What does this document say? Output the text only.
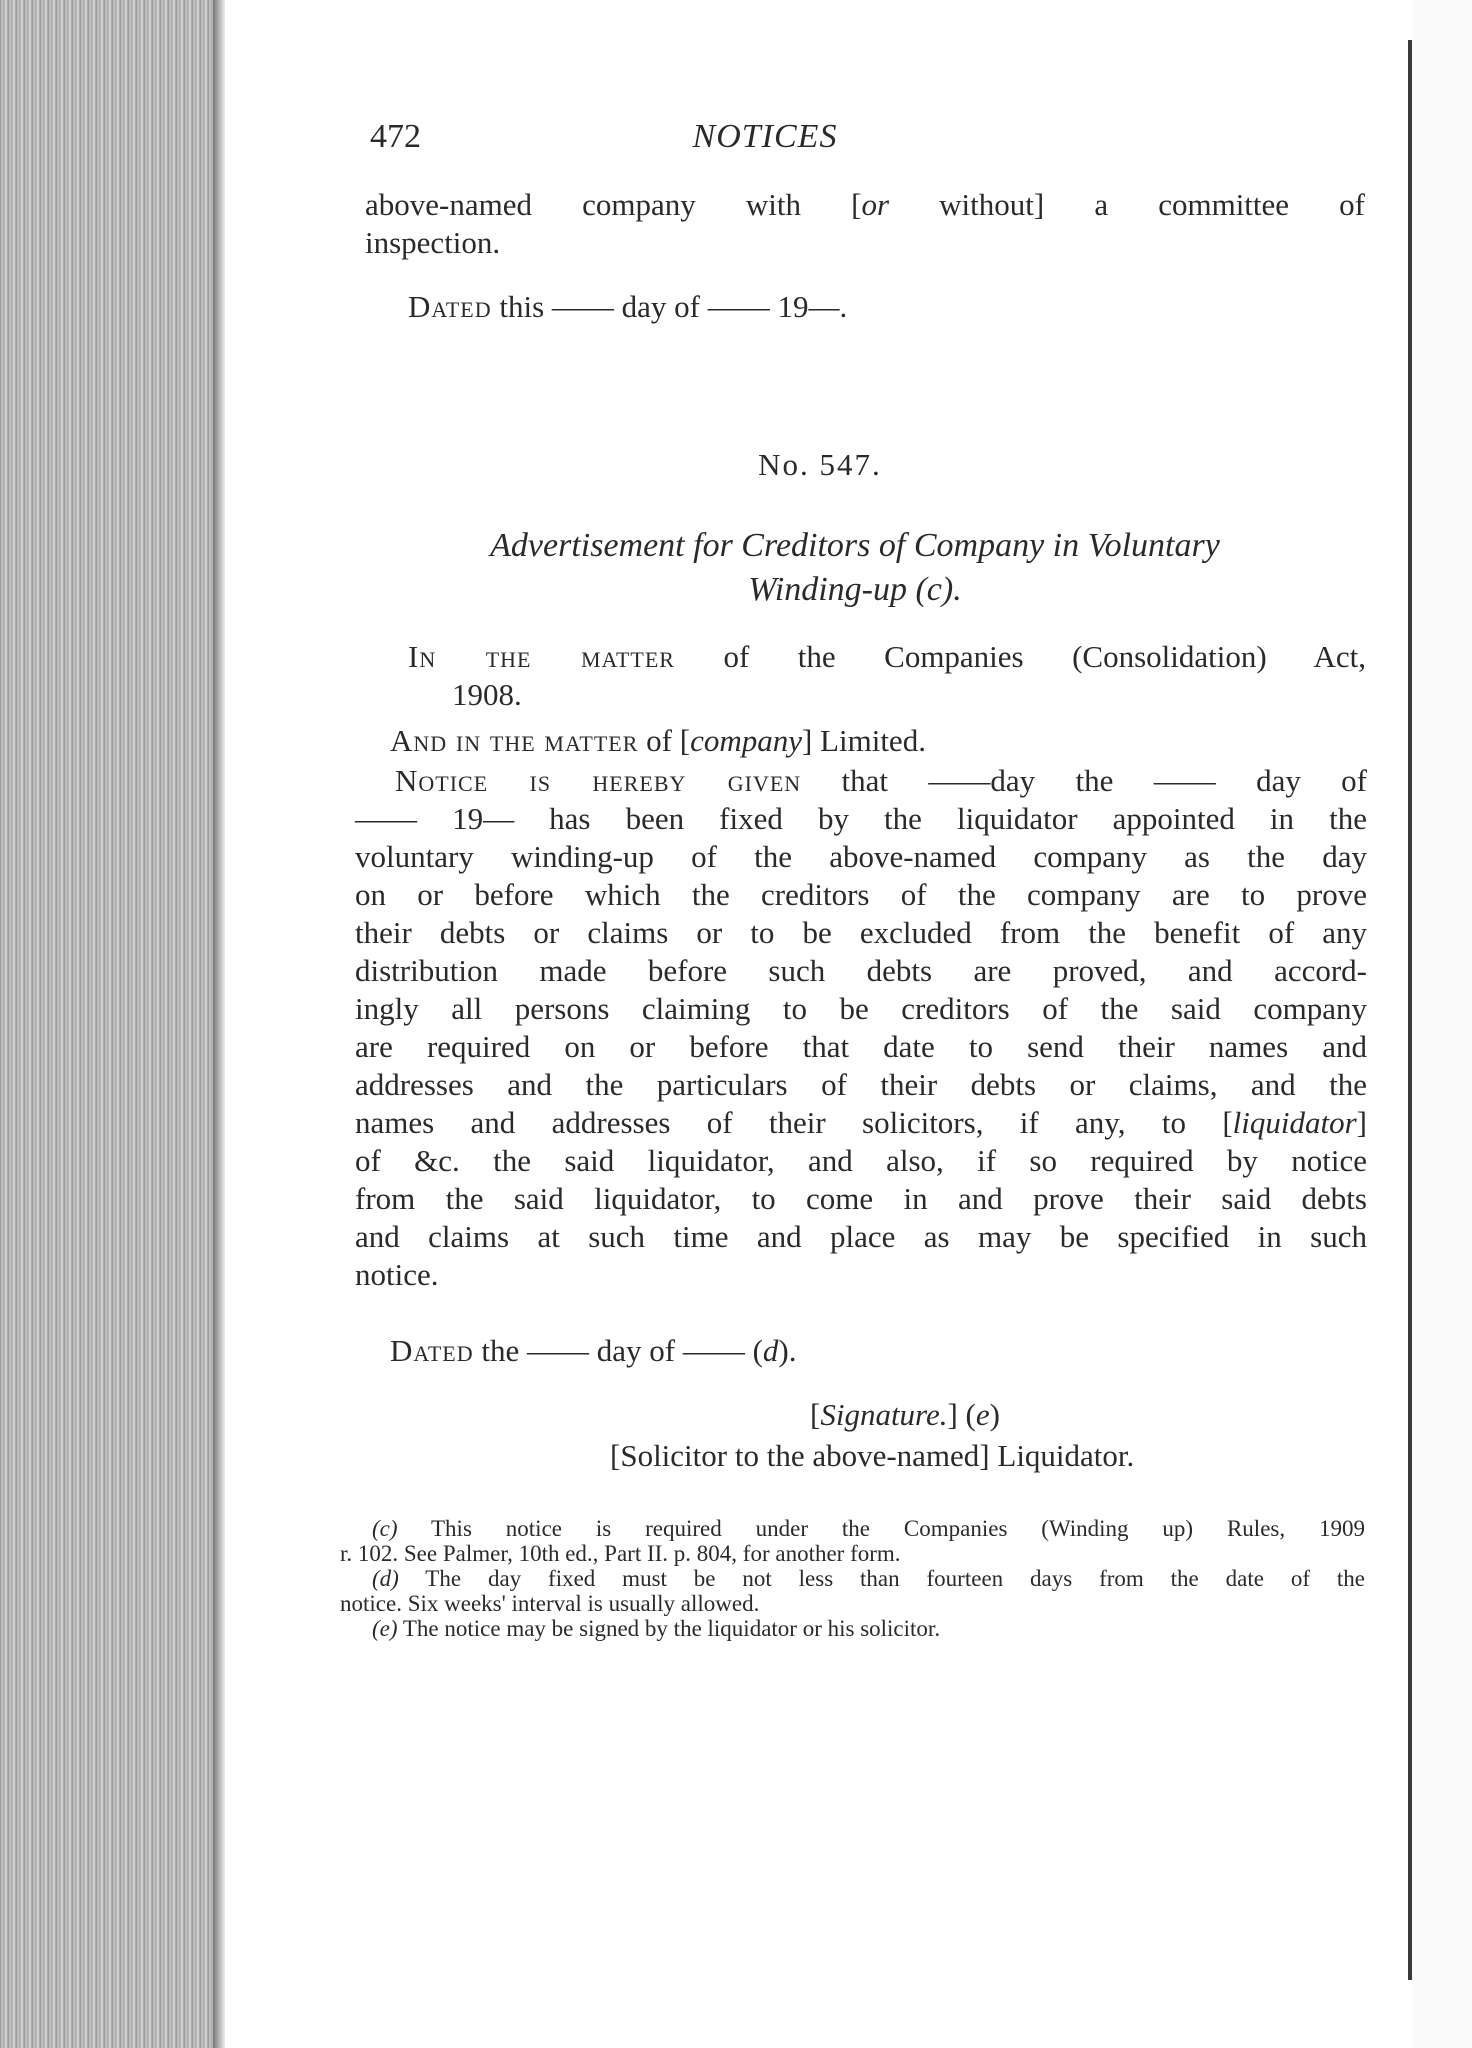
472	NOTICES
above-named company with [or without] a committee of
inspection.
Dated this —— day of —— 19—.
No. 547.
Advertisement for Creditors of Company in Voluntary
Winding-up (c).
In the matter of the Companies (Consolidation) Act,
1908.
And in the matter of [company] Limited.
Notice is hereby given that ——day the —— day of
—— 19— has been fixed by the liquidator appointed in the
voluntary winding-up of the above-named company as the day
on or before which the creditors of the company are to prove
their debts or claims or to be excluded from the benefit of any
distribution made before such debts are proved, and accord-
ingly all persons claiming to be creditors of the said company
are required on or before that date to send their names and
addresses and the particulars of their debts or claims, and the
names and addresses of their solicitors, if any, to [liquidator]
of &c. the said liquidator, and also, if so required by notice
from the said liquidator, to come in and prove their said debts
and claims at such time and place as may be specified in such
notice.
Dated the —— day of —— (d).
[Signature.] (e)
[Solicitor to the above-named] Liquidator.
(c) This notice is required under the Companies (Winding up) Rules, 1909
r. 102. See Palmer, 10th ed., Part II. p. 804, for another form.
(d) The day fixed must be not less than fourteen days from the date of the
notice. Six weeks' interval is usually allowed.
(e) The notice may be signed by the liquidator or his solicitor.
